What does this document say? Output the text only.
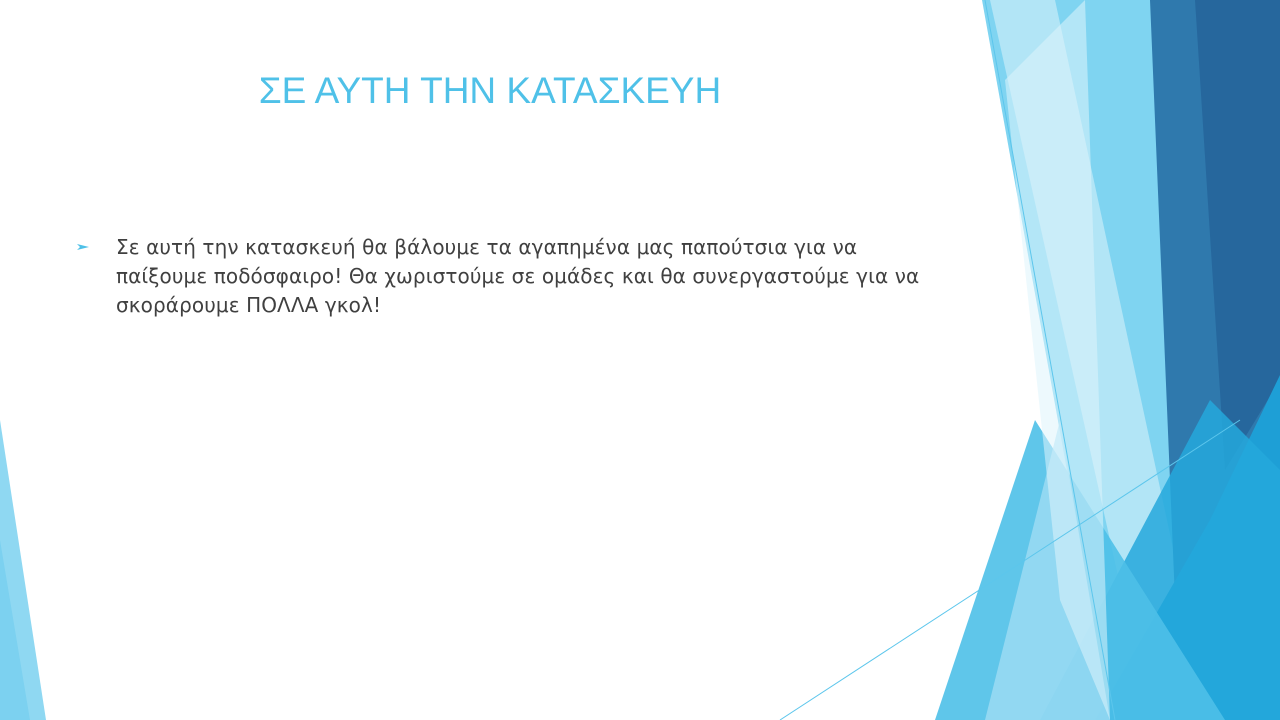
ΣΕ ΑΥΤΗ ΤΗΝ ΚΑΤΑΣΚΕΥΗ
Σε αυτή την κατασκευή θα βάλουμε τα αγαπημένα μας παπούτσια για να παίξουμε ποδόσφαιρο! Θα χωριστούμε σε ομάδες και θα συνεργαστούμε για να σκοράρουμε ΠΟΛΛΑ γκολ!
